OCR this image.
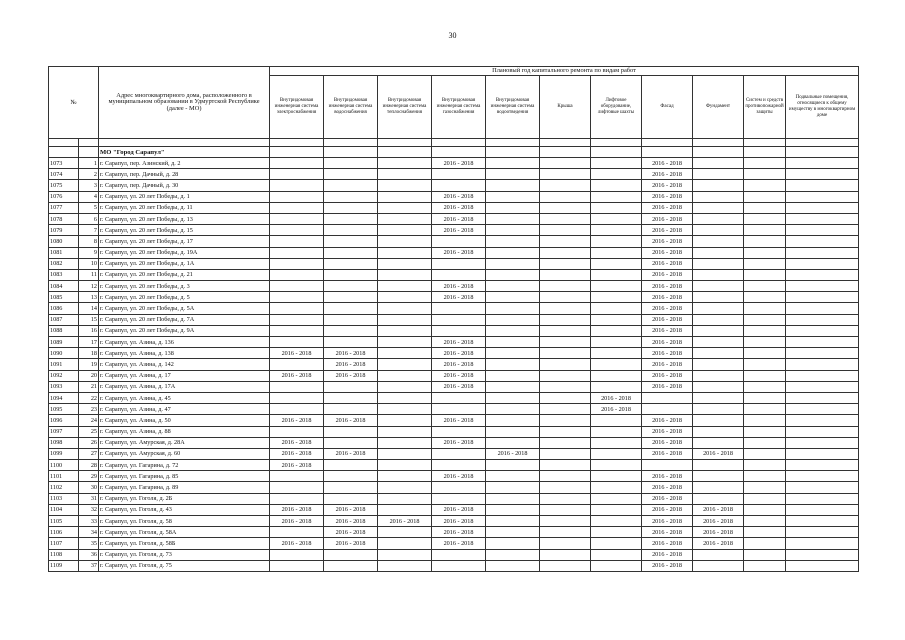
30
№		Адрес многоквартирного дома, расположенного в муниципальном образовании в Удмуртской Республике (далее - МО)	Плановый год капитального ремонта по видам работ										
			Внутридомовая инженерная система электроснабжения	Внутридомовая инженерная система водоснабжения	Внутридомовая инженерная система теплоснабжения	Внутридомовая инженерная система газоснабжения	Внутридомовая инженерная система водоотведения	Крыша	Лифтовое оборудование, лифтовые шахты	Фасад	Фундамент	Систем и средств противопожарной защиты	Подвальные помещения, относящиеся к общему имуществу в многоквартирном доме

		МО "Город Сарапул"											
1073	1	г. Сарапул, пер. Азинский, д. 2				2016 - 2018				2016 - 2018			
1074	2	г. Сарапул, пер. Дачный, д. 28								2016 - 2018			
1075	3	г. Сарапул, пер. Дачный, д. 30								2016 - 2018			
1076	4	г. Сарапул, ул. 20 лет Победы, д. 1				2016 - 2018				2016 - 2018			
1077	5	г. Сарапул, ул. 20 лет Победы, д. 11				2016 - 2018				2016 - 2018			
1078	6	г. Сарапул, ул. 20 лет Победы, д. 13				2016 - 2018				2016 - 2018			
1079	7	г. Сарапул, ул. 20 лет Победы, д. 15				2016 - 2018				2016 - 2018			
1080	8	г. Сарапул, ул. 20 лет Победы, д. 17								2016 - 2018			
1081	9	г. Сарапул, ул. 20 лет Победы, д. 19А				2016 - 2018				2016 - 2018			
1082	10	г. Сарапул, ул. 20 лет Победы, д. 1А								2016 - 2018			
1083	11	г. Сарапул, ул. 20 лет Победы, д. 21								2016 - 2018			
1084	12	г. Сарапул, ул. 20 лет Победы, д. 3				2016 - 2018				2016 - 2018			
1085	13	г. Сарапул, ул. 20 лет Победы, д. 5				2016 - 2018				2016 - 2018			
1086	14	г. Сарапул, ул. 20 лет Победы, д. 5А								2016 - 2018			
1087	15	г. Сарапул, ул. 20 лет Победы, д. 7А								2016 - 2018			
1088	16	г. Сарапул, ул. 20 лет Победы, д. 9А								2016 - 2018			
1089	17	г. Сарапул, ул. Азина, д. 136				2016 - 2018				2016 - 2018			
1090	18	г. Сарапул, ул. Азина, д. 138	2016 - 2018	2016 - 2018		2016 - 2018				2016 - 2018			
1091	19	г. Сарапул, ул. Азина, д. 142		2016 - 2018		2016 - 2018				2016 - 2018			
1092	20	г. Сарапул, ул. Азина, д. 17	2016 - 2018	2016 - 2018		2016 - 2018				2016 - 2018			
1093	21	г. Сарапул, ул. Азина, д. 17А				2016 - 2018				2016 - 2018			
1094	22	г. Сарапул, ул. Азина, д. 45							2016 - 2018				
1095	23	г. Сарапул, ул. Азина, д. 47							2016 - 2018				
1096	24	г. Сарапул, ул. Азина, д. 50	2016 - 2018	2016 - 2018		2016 - 2018				2016 - 2018			
1097	25	г. Сарапул, ул. Азина, д. 88								2016 - 2018			
1098	26	г. Сарапул, ул. Амурская, д. 28А	2016 - 2018			2016 - 2018				2016 - 2018			
1099	27	г. Сарапул, ул. Амурская, д. 60	2016 - 2018	2016 - 2018			2016 - 2018			2016 - 2018	2016 - 2018		
1100	28	г. Сарапул, ул. Гагарина, д. 72	2016 - 2018										
1101	29	г. Сарапул, ул. Гагарина, д. 85				2016 - 2018				2016 - 2018			
1102	30	г. Сарапул, ул. Гагарина, д. 89								2016 - 2018			
1103	31	г. Сарапул, ул. Гоголя, д. 2Б								2016 - 2018			
1104	32	г. Сарапул, ул. Гоголя, д. 43	2016 - 2018	2016 - 2018		2016 - 2018				2016 - 2018	2016 - 2018		
1105	33	г. Сарапул, ул. Гоголя, д. 58	2016 - 2018	2016 - 2018	2016 - 2018	2016 - 2018				2016 - 2018	2016 - 2018		
1106	34	г. Сарапул, ул. Гоголя, д. 58А		2016 - 2018		2016 - 2018				2016 - 2018	2016 - 2018		
1107	35	г. Сарапул, ул. Гоголя, д. 58Б	2016 - 2018	2016 - 2018		2016 - 2018				2016 - 2018	2016 - 2018		
1108	36	г. Сарапул, ул. Гоголя, д. 73								2016 - 2018			
1109	37	г. Сарапул, ул. Гоголя, д. 75								2016 - 2018			
